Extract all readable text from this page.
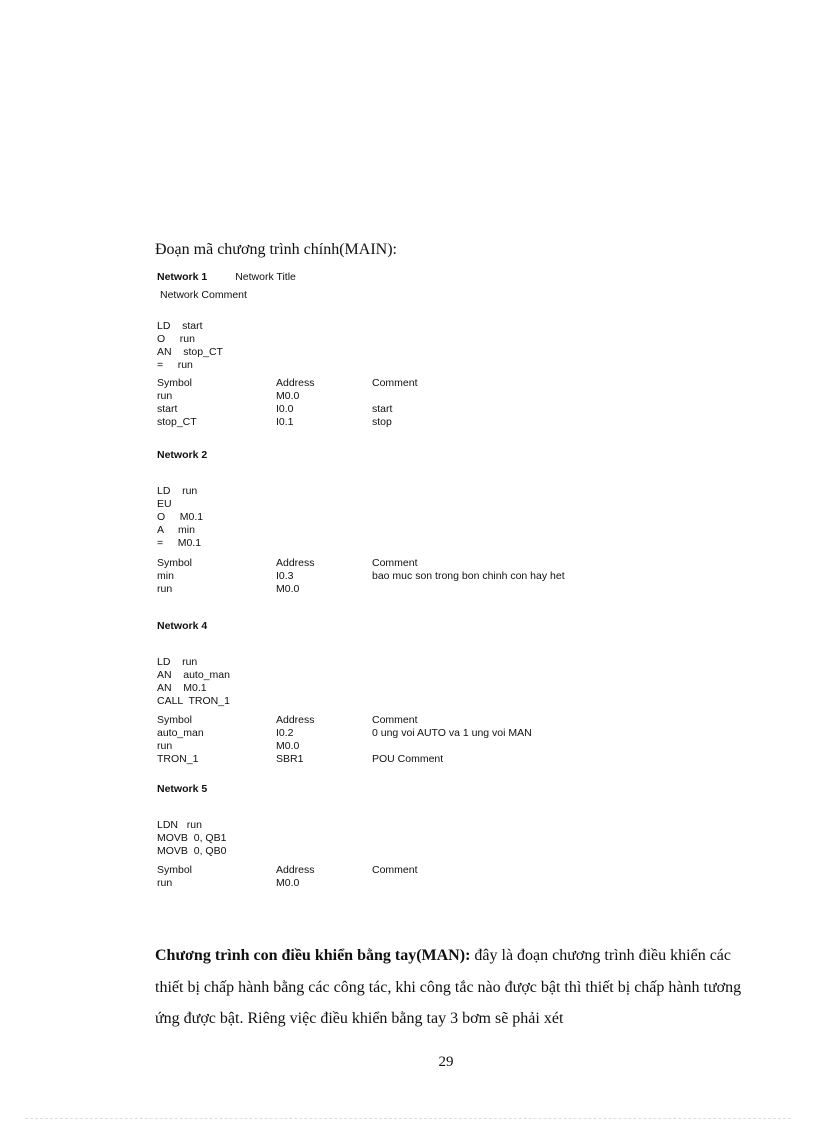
Đoạn mã chương trình chính(MAIN):
Network 1	Network Title
Network Comment
LD    start
O     run
AN    stop_CT
=     run
Symbol	Address	Comment
run	M0.0
start	I0.0	start
stop_CT	I0.1	stop
Network 2
LD    run
EU
O     M0.1
A     min
=     M0.1
Symbol	Address	Comment
min	I0.3	bao muc son trong bon chinh con hay het
run	M0.0
Network 4
LD    run
AN    auto_man
AN    M0.1
CALL  TRON_1
Symbol	Address	Comment
auto_man	I0.2	0 ung voi AUTO va 1 ung voi MAN
run	M0.0
TRON_1	SBR1	POU Comment
Network 5
LDN   run
MOVB  0, QB1
MOVB  0, QB0
Symbol	Address	Comment
run	M0.0
Chương trình con điều khiển bằng tay(MAN): đây là đoạn chương trình điều khiển các thiết bị chấp hành bằng các công tác, khi công tắc nào được bật thì thiết bị chấp hành tương ứng được bật. Riêng việc điều khiển bằng tay 3 bơm sẽ phải xét
29
